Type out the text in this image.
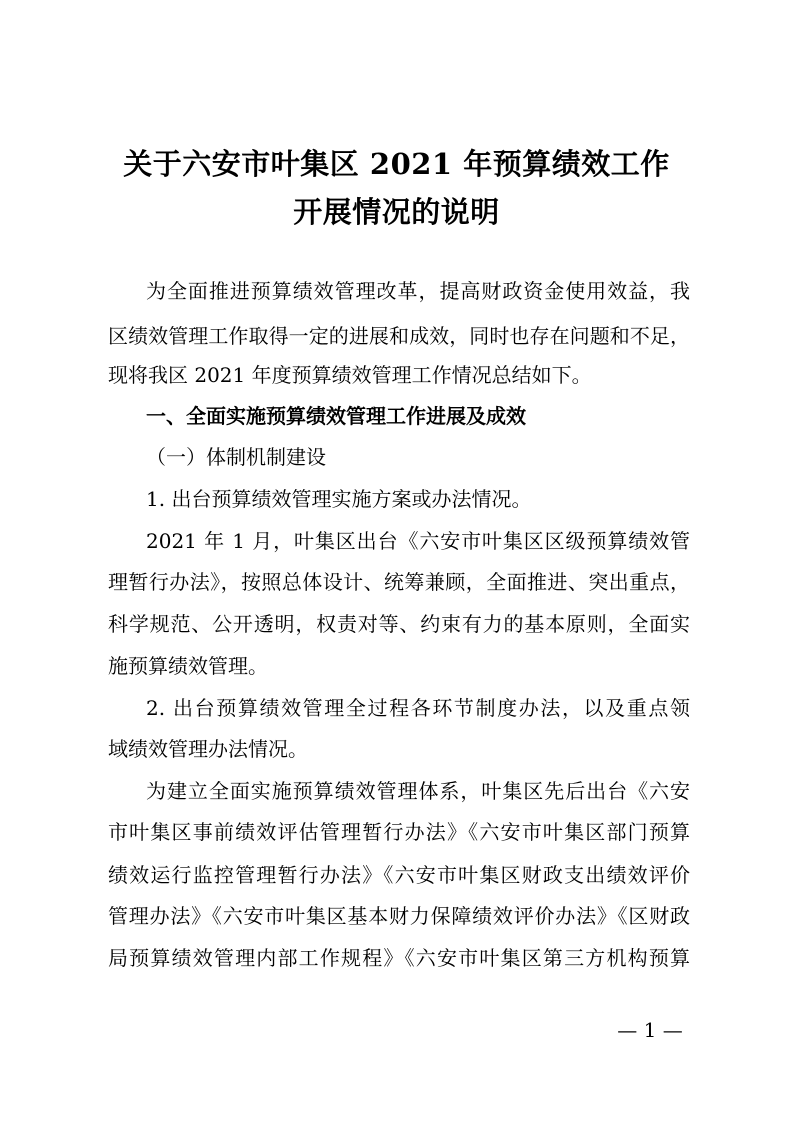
关于六安市叶集区 2021 年预算绩效工作
开展情况的说明
为全面推进预算绩效管理改革，提高财政资金使用效益，我
区绩效管理工作取得一定的进展和成效，同时也存在问题和不足，
现将我区 2021 年度预算绩效管理工作情况总结如下。
一、全面实施预算绩效管理工作进展及成效
（一）体制机制建设
1. 出台预算绩效管理实施方案或办法情况。
2021 年 1 月，叶集区出台《六安市叶集区区级预算绩效管
理暂行办法》，按照总体设计、统筹兼顾，全面推进、突出重点，
科学规范、公开透明，权责对等、约束有力的基本原则，全面实
施预算绩效管理。
2. 出台预算绩效管理全过程各环节制度办法，以及重点领
域绩效管理办法情况。
为建立全面实施预算绩效管理体系，叶集区先后出台《六安
市叶集区事前绩效评估管理暂行办法》《六安市叶集区部门预算
绩效运行监控管理暂行办法》《六安市叶集区财政支出绩效评价
管理办法》《六安市叶集区基本财力保障绩效评价办法》《区财政
局预算绩效管理内部工作规程》《六安市叶集区第三方机构预算
— 1 —
